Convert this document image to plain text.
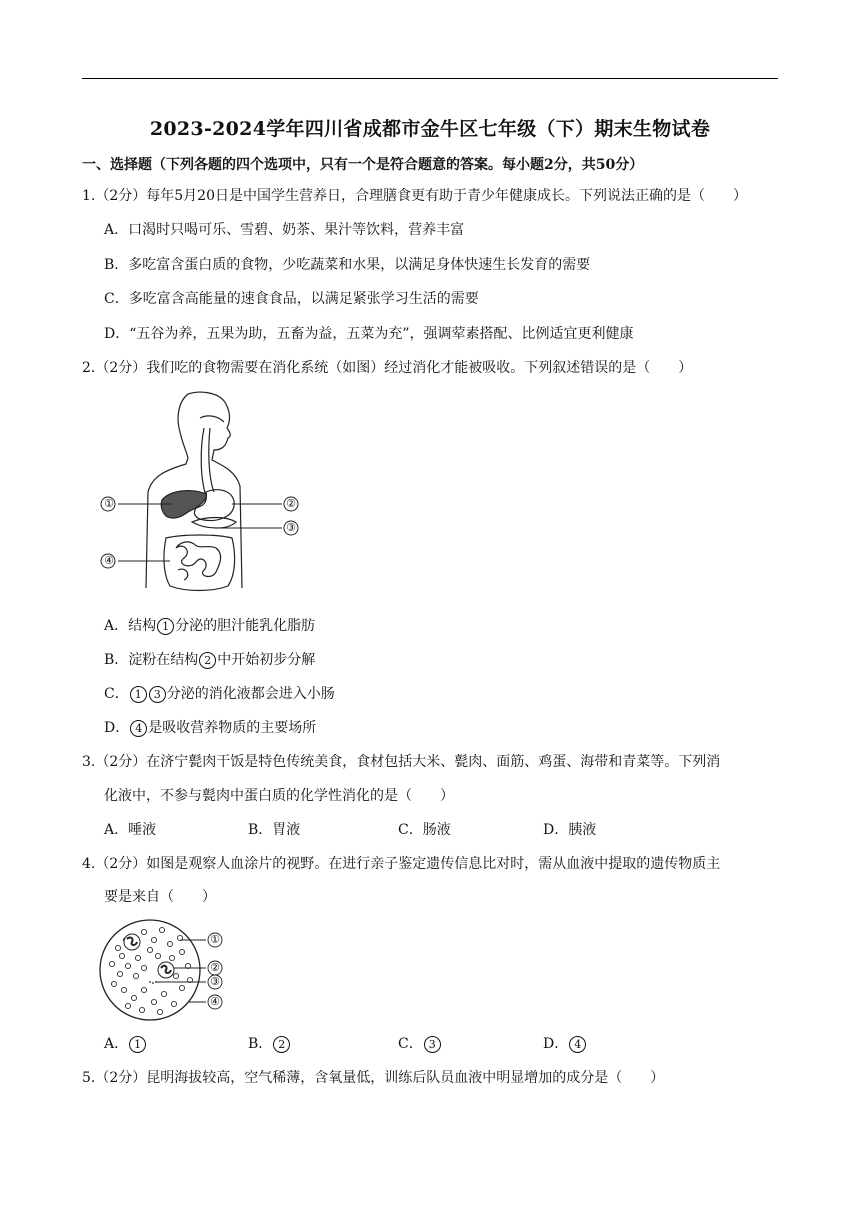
2023-2024学年四川省成都市金牛区七年级（下）期末生物试卷
一、选择题（下列各题的四个选项中，只有一个是符合题意的答案。每小题2分，共50分）
1.（2分）每年5月20日是中国学生营养日，合理膳食更有助于青少年健康成长。下列说法正确的是（　　）
A．口渴时只喝可乐、雪碧、奶茶、果汁等饮料，营养丰富
B．多吃富含蛋白质的食物，少吃蔬菜和水果，以满足身体快速生长发育的需要
C．多吃富含高能量的速食食品，以满足紧张学习生活的需要
D．“五谷为养，五果为助，五畜为益，五菜为充”，强调荤素搭配、比例适宜更利健康
2.（2分）我们吃的食物需要在消化系统（如图）经过消化才能被吸收。下列叙述错误的是（　　）
A．结构 1 分泌的胆汁能乳化脂肪
B．淀粉在结构 2 中开始初步分解
C． 1 3 分泌的消化液都会进入小肠
D． 4 是吸收营养物质的主要场所
3.（2分）在济宁甏肉干饭是特色传统美食，食材包括大米、甏肉、面筋、鸡蛋、海带和青菜等。下列消
化液中，不参与甏肉中蛋白质的化学性消化的是（　　）
A．唾液	B．胃液	C．肠液	D．胰液
4.（2分）如图是观察人血涂片的视野。在进行亲子鉴定遗传信息比对时，需从血液中提取的遗传物质主
要是来自（　　）
A． 1	B． 2	C． 3	D． 4
5.（2分）昆明海拔较高，空气稀薄，含氧量低，训练后队员血液中明显增加的成分是（　　）
①	②
③
④
①
②
③
④
